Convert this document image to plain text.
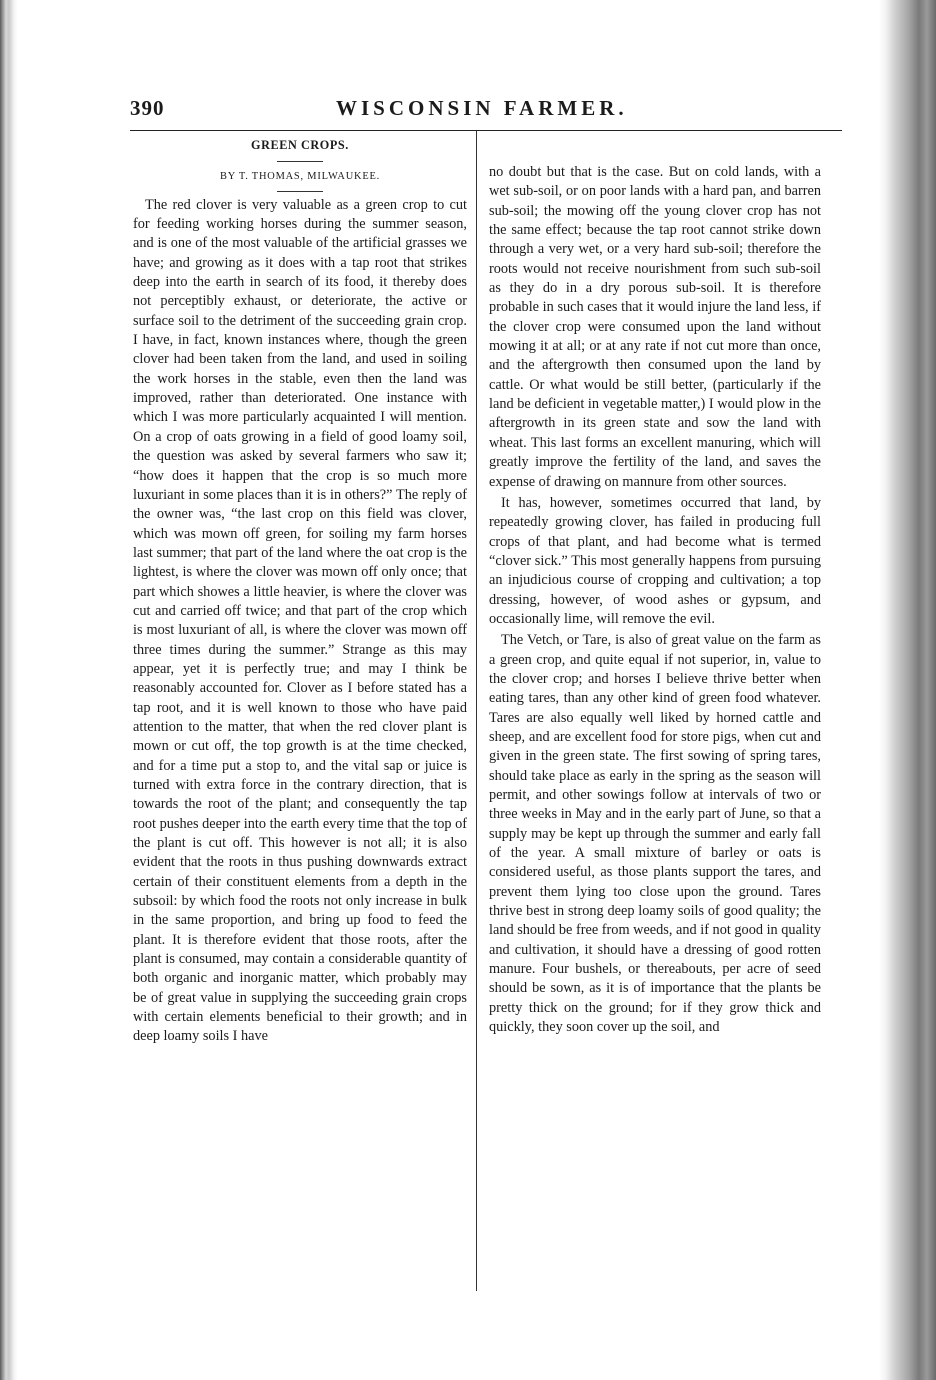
390	WISCONSIN FARMER.
GREEN CROPS.
BY T. THOMAS, MILWAUKEE.

The red clover is very valuable as a green crop to cut for feeding working horses during the summer season, and is one of the most valuable of the artificial grasses we have; and growing as it does with a tap root that strikes deep into the earth in search of its food, it thereby does not perceptibly exhaust, or deteriorate, the active or surface soil to the detriment of the succeeding grain crop. I have, in fact, known instances where, though the green clover had been taken from the land, and used in soiling the work horses in the stable, even then the land was improved, rather than deteriorated. One instance with which I was more particularly acquainted I will mention. On a crop of oats growing in a field of good loamy soil, the question was asked by several farmers who saw it; “how does it happen that the crop is so much more luxuriant in some places than it is in others?” The reply of the owner was, “the last crop on this field was clover, which was mown off green, for soiling my farm horses last summer; that part of the land where the oat crop is the lightest, is where the clover was mown off only once; that part which showes a little heavier, is where the clover was cut and carried off twice; and that part of the crop which is most luxuriant of all, is where the clover was mown off three times during the summer.” Strange as this may appear, yet it is perfectly true; and may I think be reasonably accounted for. Clover as I before stated has a tap root, and it is well known to those who have paid attention to the matter, that when the red clover plant is mown or cut off, the top growth is at the time checked, and for a time put a stop to, and the vital sap or juice is turned with extra force in the contrary direction, that is towards the root of the plant; and consequently the tap root pushes deeper into the earth every time that the top of the plant is cut off. This however is not all; it is also evident that the roots in thus pushing downwards extract certain of their constituent elements from a depth in the subsoil: by which food the roots not only increase in bulk in the same proportion, and bring up food to feed the plant. It is therefore evident that those roots, after the plant is consumed, may contain a considerable quantity of both organic and inorganic matter, which probably may be of great value in supplying the succeeding grain crops with certain elements beneficial to their growth; and in deep loamy soils I have

no doubt but that is the case. But on cold lands, with a wet sub-soil, or on poor lands with a hard pan, and barren sub-soil; the mowing off the young clover crop has not the same effect; because the tap root cannot strike down through a very wet, or a very hard sub-soil; therefore the roots would not receive nourishment from such sub-soil as they do in a dry porous sub-soil. It is therefore probable in such cases that it would injure the land less, if the clover crop were consumed upon the land without mowing it at all; or at any rate if not cut more than once, and the aftergrowth then consumed upon the land by cattle. Or what would be still better, (particularly if the land be deficient in vegetable matter,) I would plow in the aftergrowth in its green state and sow the land with wheat. This last forms an excellent manuring, which will greatly improve the fertility of the land, and saves the expense of drawing on mannure from other sources.

It has, however, sometimes occurred that land, by repeatedly growing clover, has failed in producing full crops of that plant, and had become what is termed “clover sick.” This most generally happens from pursuing an injudicious course of cropping and cultivation; a top dressing, however, of wood ashes or gypsum, and occasionally lime, will remove the evil.

The Vetch, or Tare, is also of great value on the farm as a green crop, and quite equal if not superior, in, value to the clover crop; and horses I believe thrive better when eating tares, than any other kind of green food whatever. Tares are also equally well liked by horned cattle and sheep, and are excellent food for store pigs, when cut and given in the green state. The first sowing of spring tares, should take place as early in the spring as the season will permit, and other sowings follow at intervals of two or three weeks in May and in the early part of June, so that a supply may be kept up through the summer and early fall of the year. A small mixture of barley or oats is considered useful, as those plants support the tares, and prevent them lying too close upon the ground. Tares thrive best in strong deep loamy soils of good quality; the land should be free from weeds, and if not good in quality and cultivation, it should have a dressing of good rotten manure. Four bushels, or thereabouts, per acre of seed should be sown, as it is of importance that the plants be pretty thick on the ground; for if they grow thick and quickly, they soon cover up the soil, and
